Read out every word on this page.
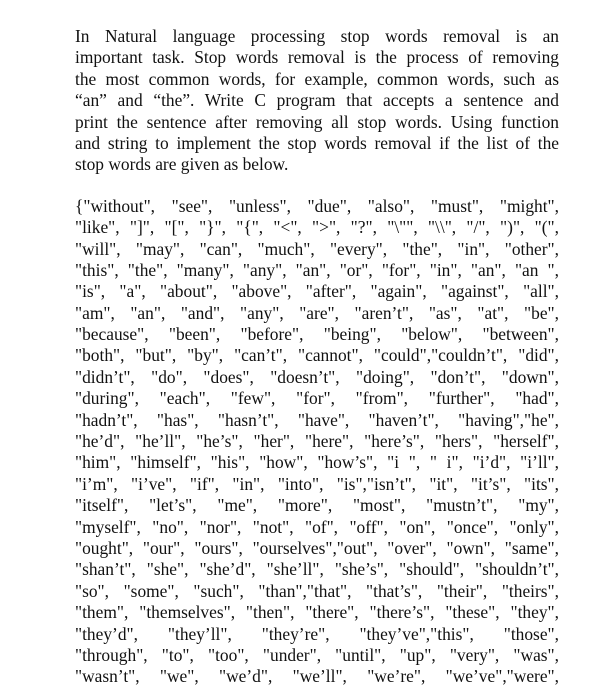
In Natural language processing stop words removal is an
important task. Stop words removal is the process of removing
the most common words, for example, common words, such as
“an” and “the”. Write C program that accepts a sentence and
print the sentence after removing all stop words. Using function
and string to implement the stop words removal if the list of the
stop words are given as below.
{"without", "see", "unless", "due", "also", "must", "might",
"like", "]", "[", "}", "{", "<", ">", "?", "\"", "\\", "/", ")", "(",
"will", "may", "can", "much", "every", "the", "in", "other",
"this", "the", "many", "any", "an", "or", "for", "in", "an", "an ",
"is", "a", "about", "above", "after", "again", "against", "all",
"am", "an", "and", "any", "are", "aren’t", "as", "at", "be",
"because", "been", "before", "being", "below", "between",
"both", "but", "by", "can’t", "cannot", "could","couldn’t", "did",
"didn’t", "do", "does", "doesn’t", "doing", "don’t", "down",
"during", "each", "few", "for", "from", "further", "had",
"hadn’t", "has", "hasn’t", "have", "haven’t", "having","he",
"he’d", "he’ll", "he’s", "her", "here", "here’s", "hers", "herself",
"him", "himself", "his", "how", "how’s", "i ", " i", "i’d", "i’ll",
"i’m", "i’ve", "if", "in", "into", "is","isn’t", "it", "it’s", "its",
"itself", "let’s", "me", "more", "most", "mustn’t", "my",
"myself", "no", "nor", "not", "of", "off", "on", "once", "only",
"ought", "our", "ours", "ourselves","out", "over", "own", "same",
"shan’t", "she", "she’d", "she’ll", "she’s", "should", "shouldn’t",
"so", "some", "such", "than","that", "that’s", "their", "theirs",
"them", "themselves", "then", "there", "there’s", "these", "they",
"they’d", "they’ll", "they’re", "they’ve","this", "those",
"through", "to", "too", "under", "until", "up", "very", "was",
"wasn’t", "we", "we’d", "we’ll", "we’re", "we’ve","were",
